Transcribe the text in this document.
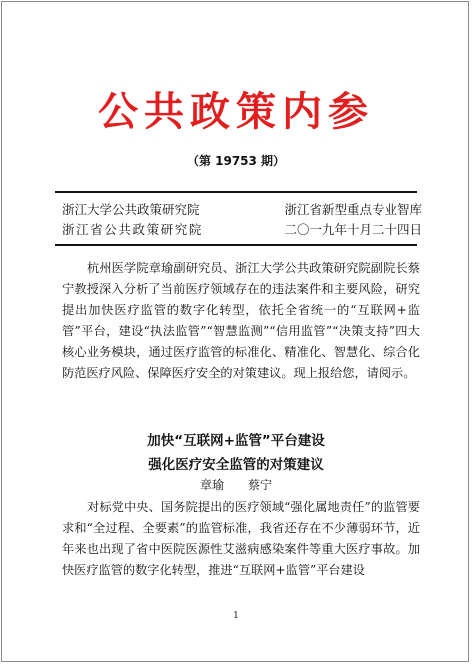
公共政策内参
（第 19753 期）
浙江大学公共政策研究院	浙江省新型重点专业智库
浙江省公共政策研究院	二〇一九年十月二十四日
杭州医学院章瑜副研究员、浙江大学公共政策研究院副院长蔡宁教授深入分析了当前医疗领域存在的违法案件和主要风险，研究提出加快医疗监管的数字化转型，依托全省统一的“互联网+监管”平台，建设“执法监管”“智慧监测”“信用监管”“决策支持”四大核心业务模块，通过医疗监管的标准化、精准化、智慧化、综合化防范医疗风险、保障医疗安全的对策建议。现上报给您，请阅示。
加快“互联网+监管”平台建设
强化医疗安全监管的对策建议
章瑜　　蔡宁
对标党中央、国务院提出的医疗领域“强化属地责任”的监管要求和“全过程、全要素”的监管标准，我省还存在不少薄弱环节，近年来也出现了省中医院医源性艾滋病感染案件等重大医疗事故。加快医疗监管的数字化转型，推进“互联网+监管”平台建设
1
